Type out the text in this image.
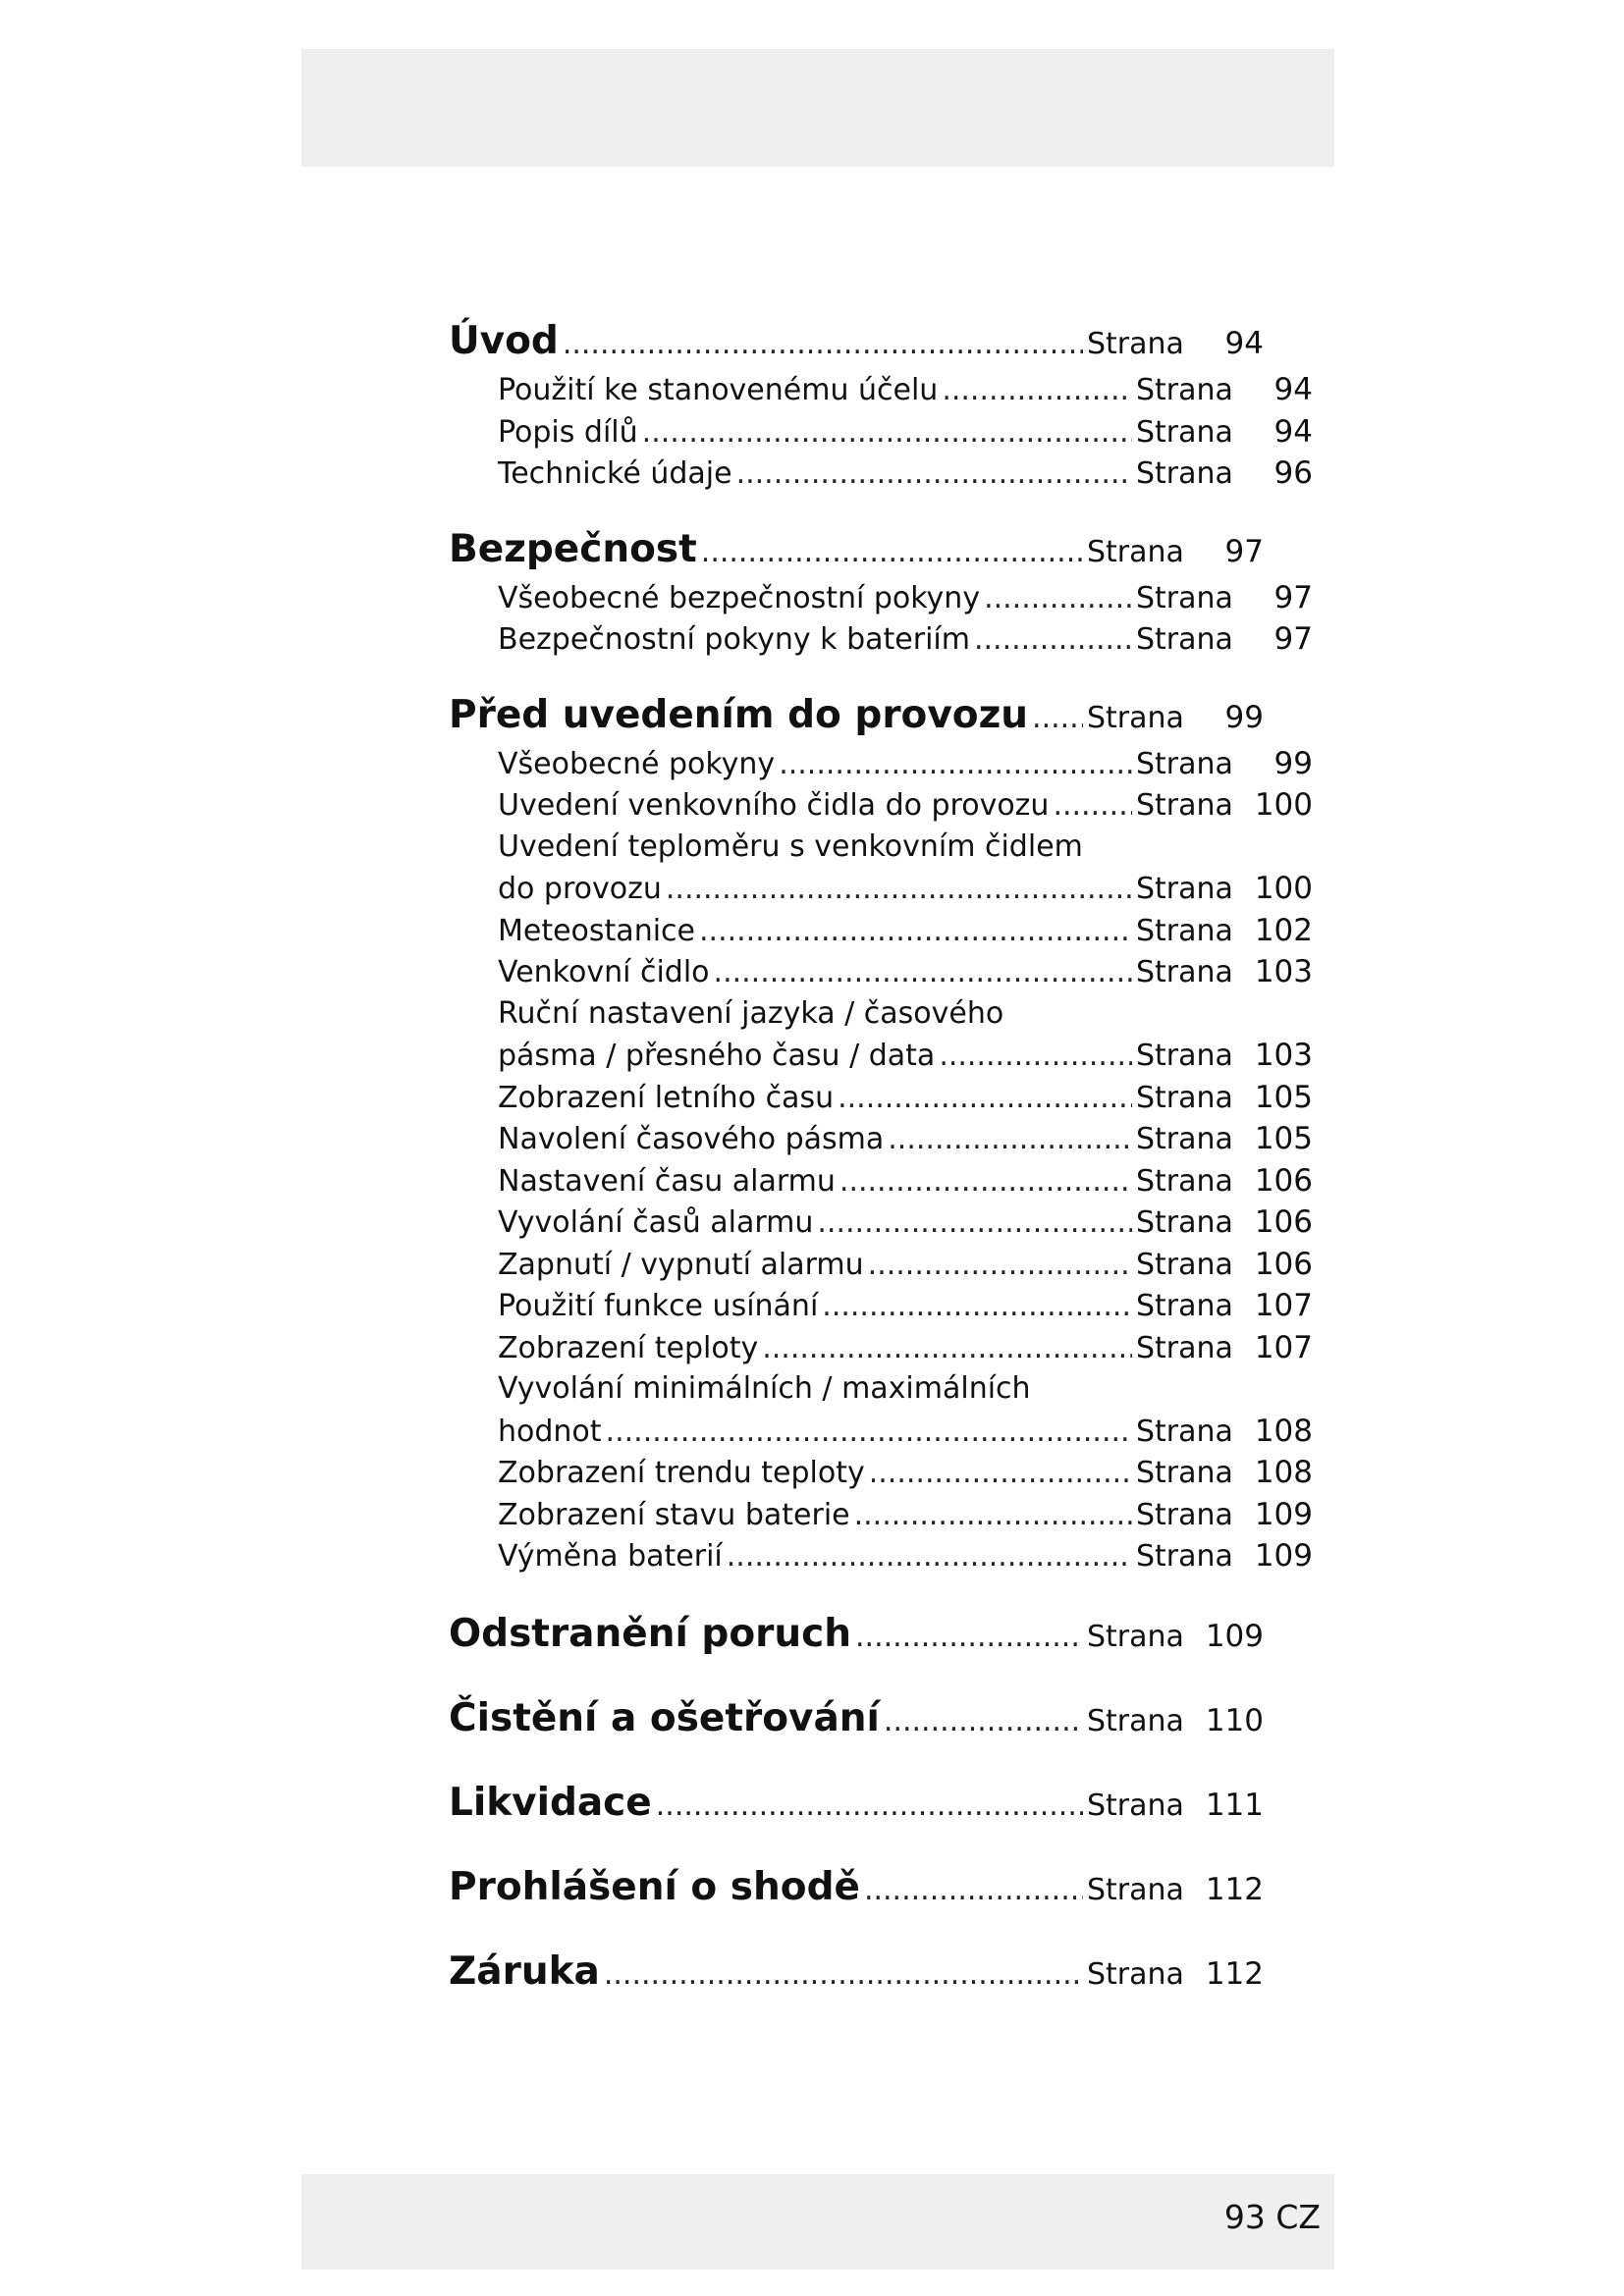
Úvod .....	Strana	94
Použití ke stanovenému účelu .....	Strana	94
Popis dílů .....	Strana	94
Technické údaje .....	Strana	96
Bezpečnost .....	Strana	97
Všeobecné bezpečnostní pokyny .....	Strana	97
Bezpečnostní pokyny k bateriím .....	Strana	97
Před uvedením do provozu ..... Strana	99
Všeobecné pokyny .....	Strana	99
Uvedení venkovního čidla do provozu .....	Strana 100
Uvedení teploměru s venkovním čidlem
do provozu .....	Strana 100
Meteostanice .....	Strana 102
Venkovní čidlo .....	Strana 103
Ruční nastavení jazyka / časového
pásma / přesného času / data .....	Strana 103
Zobrazení letního času .....	Strana 105
Navolení časového pásma .....	Strana 105
Nastavení času alarmu .....	Strana 106
Vyvolání časů alarmu .....	Strana 106
Zapnutí / vypnutí alarmu .....	Strana 106
Použití funkce usínání .....	Strana 107
Zobrazení teploty .....	Strana 107
Vyvolání minimálních / maximálních
hodnot .....	Strana 108
Zobrazení trendu teploty .....	Strana 108
Zobrazení stavu baterie .....	Strana 109
Výměna baterií .....	Strana 109
Odstranění poruch .....	Strana 109
Čistění a ošetřování .....	Strana 110
Likvidace .....	Strana 111
Prohlášení o shodě .....	Strana 112
Záruka .....	Strana 112
93 CZ
